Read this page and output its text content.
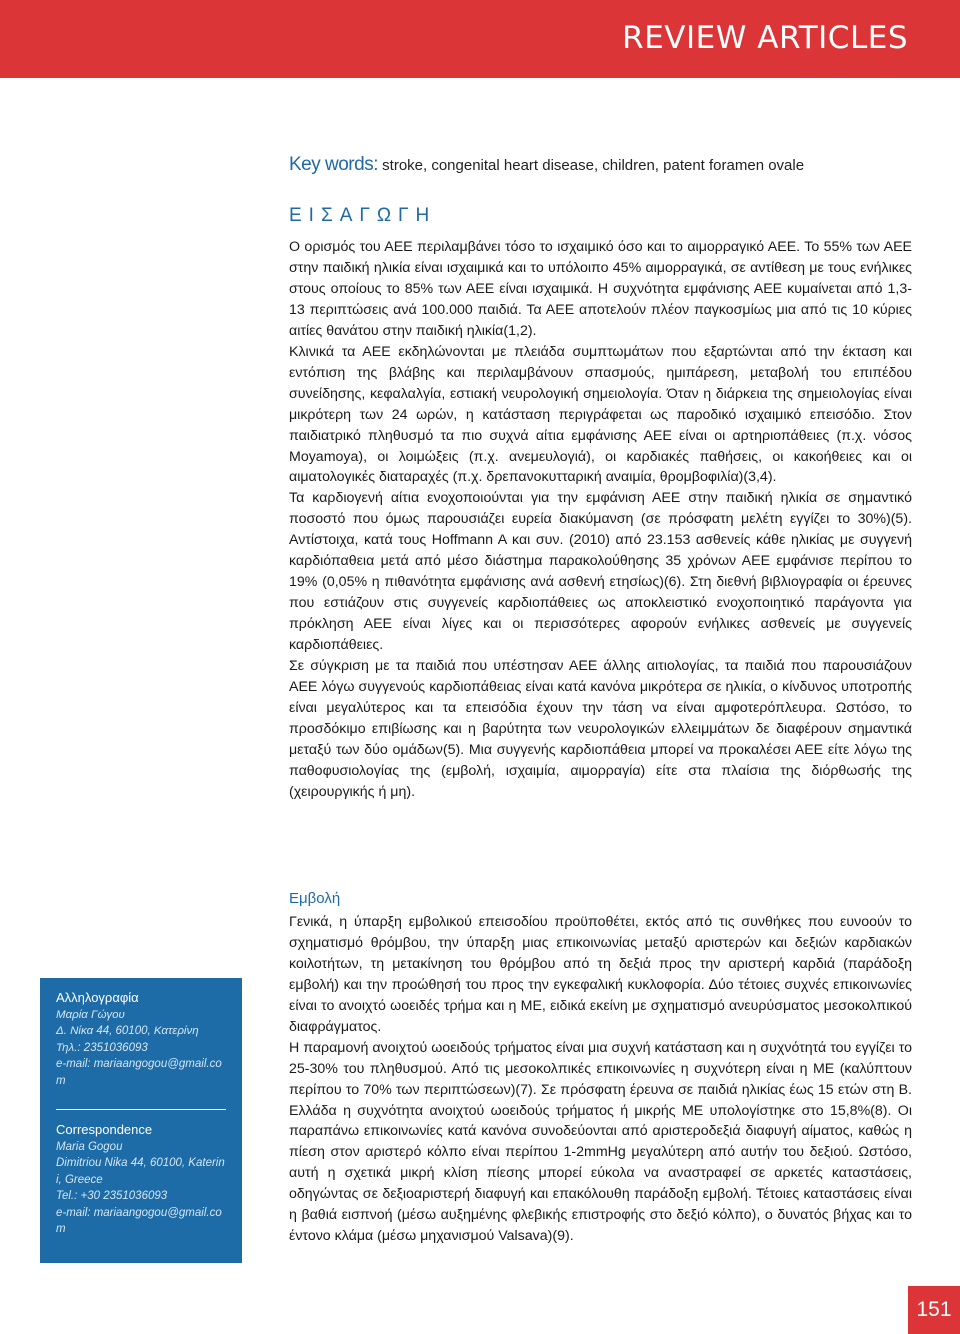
REVIEW ARTICLES
Key words: stroke, congenital heart disease, children, patent foramen ovale
ΕΙΣΑΓΩΓΗ

Ο ορισμός του ΑΕΕ περιλαμβάνει τόσο το ισχαιμικό όσο και το αιμορραγικό ΑΕΕ. Το 55% των ΑΕΕ στην παιδική ηλικία είναι ισχαιμικά και το υπόλοιπο 45% αιμορραγικά, σε αντίθεση με τους ενήλικες στους οποίους το 85% των ΑΕΕ είναι ισχαιμικά. Η συχνότητα εμφάνισης ΑΕΕ κυμαίνεται από 1,3-13 περιπτώσεις ανά 100.000 παιδιά. Τα ΑΕΕ αποτελούν πλέον παγκοσμίως μια από τις 10 κύριες αιτίες θανάτου στην παιδική ηλικία(1,2).

Κλινικά τα ΑΕΕ εκδηλώνονται με πλειάδα συμπτωμάτων που εξαρτώνται από την έκταση και εντόπιση της βλάβης και περιλαμβάνουν σπασμούς, ημιπάρεση, μεταβολή του επιπέδου συνείδησης, κεφαλαλγία, εστιακή νευρολογική σημειολογία. Όταν η διάρκεια της σημειολογίας είναι μικρότερη των 24 ωρών, η κατάσταση περιγράφεται ως παροδικό ισχαιμικό επεισόδιο. Στον παιδιατρικό πληθυσμό τα πιο συχνά αίτια εμφάνισης ΑΕΕ είναι οι αρτηριοπάθειες (π.χ. νόσος Moyamoya), οι λοιμώξεις (π.χ. ανεμευλογιά), οι καρδιακές παθήσεις, οι κακοήθειες και οι αιματολογικές διαταραχές (π.χ. δρεπανοκυτταρική αναιμία, θρομβοφιλία)(3,4).

Τα καρδιογενή αίτια ενοχοποιούνται για την εμφάνιση ΑΕΕ στην παιδική ηλικία σε σημαντικό ποσοστό που όμως παρουσιάζει ευρεία διακύμανση (σε πρόσφατη μελέτη εγγίζει το 30%)(5). Αντίστοιχα, κατά τους Hoffmann A και συν. (2010) από 23.153 ασθενείς κάθε ηλικίας με συγγενή καρδιόπαθεια μετά από μέσο διάστημα παρακολούθησης 35 χρόνων ΑΕΕ εμφάνισε περίπου το 19% (0,05% η πιθανότητα εμφάνισης ανά ασθενή ετησίως)(6). Στη διεθνή βιβλιογραφία οι έρευνες που εστιάζουν στις συγγενείς καρδιοπάθειες ως αποκλειστικό ενοχοποιητικό παράγοντα για πρόκληση ΑΕΕ είναι λίγες και οι περισσότερες αφορούν ενήλικες ασθενείς με συγγενείς καρδιοπάθειες.

Σε σύγκριση με τα παιδιά που υπέστησαν ΑΕΕ άλλης αιτιολογίας, τα παιδιά που παρουσιάζουν ΑΕΕ λόγω συγγενούς καρδιοπάθειας είναι κατά κανόνα μικρότερα σε ηλικία, ο κίνδυνος υποτροπής είναι μεγαλύτερος και τα επεισόδια έχουν την τάση να είναι αμφοτερόπλευρα. Ωστόσο, το προσδόκιμο επιβίωσης και η βαρύτητα των νευρολογικών ελλειμμάτων δε διαφέρουν σημαντικά μεταξύ των δύο ομάδων(5). Μια συγγενής καρδιοπάθεια μπορεί να προκαλέσει ΑΕΕ είτε λόγω της παθοφυσιολογίας της (εμβολή, ισχαιμία, αιμορραγία) είτε στα πλαίσια της διόρθωσής της (χειρουργικής ή μη).

Εμβολή

Γενικά, η ύπαρξη εμβολικού επεισοδίου προϋποθέτει, εκτός από τις συνθήκες που ευνοούν το σχηματισμό θρόμβου, την ύπαρξη μιας επικοινωνίας μεταξύ αριστερών και δεξιών καρδιακών κοιλοτήτων, τη μετακίνηση του θρόμβου από τη δεξιά προς την αριστερή καρδιά (παράδοξη εμβολή) και την προώθησή του προς την εγκεφαλική κυκλοφορία. Δύο τέτοιες συχνές επικοινωνίες είναι το ανοιχτό ωοειδές τρήμα και η ΜΕ, ειδικά εκείνη με σχηματισμό ανευρύσματος μεσοκολπικού διαφράγματος.

Η παραμονή ανοιχτού ωοειδούς τρήματος είναι μια συχνή κατάσταση και η συχνότητά του εγγίζει το 25-30% του πληθυσμού. Από τις μεσοκολπικές επικοινωνίες η συχνότερη είναι η ΜΕ (καλύπτουν περίπου το 70% των περιπτώσεων)(7). Σε πρόσφατη έρευνα σε παιδιά ηλικίας έως 15 ετών στη Β. Ελλάδα η συχνότητα ανοιχτού ωοειδούς τρήματος ή μικρής ΜΕ υπολογίστηκε στο 15,8%(8). Οι παραπάνω επικοινωνίες κατά κανόνα συνοδεύονται από αριστεροδεξιά διαφυγή αίματος, καθώς η πίεση στον αριστερό κόλπο είναι περίπου 1-2mmHg μεγαλύτερη από αυτήν του δεξιού. Ωστόσο, αυτή η σχετικά μικρή κλίση πίεσης μπορεί εύκολα να αναστραφεί σε αρκετές καταστάσεις, οδηγώντας σε δεξιοαριστερή διαφυγή και επακόλουθη παράδοξη εμβολή. Τέτοιες καταστάσεις είναι η βαθιά εισπνοή (μέσω αυξημένης φλεβικής επιστροφής στο δεξιό κόλπο), ο δυνατός βήχας και το έντονο κλάμα (μέσω μηχανισμού Valsava)(9).

Αλληλογραφία

Μαρία Γώγου

Δ. Νίκα 44, 60100, Κατερίνη

Τηλ.: 2351036093

e-mail: mariaangogou@gmail.com

Correspondence

Maria Gogou

Dimitriou Nika 44, 60100, Katerini, Greece

Tel.: +30 2351036093

e-mail: mariaangogou@gmail.com

151
